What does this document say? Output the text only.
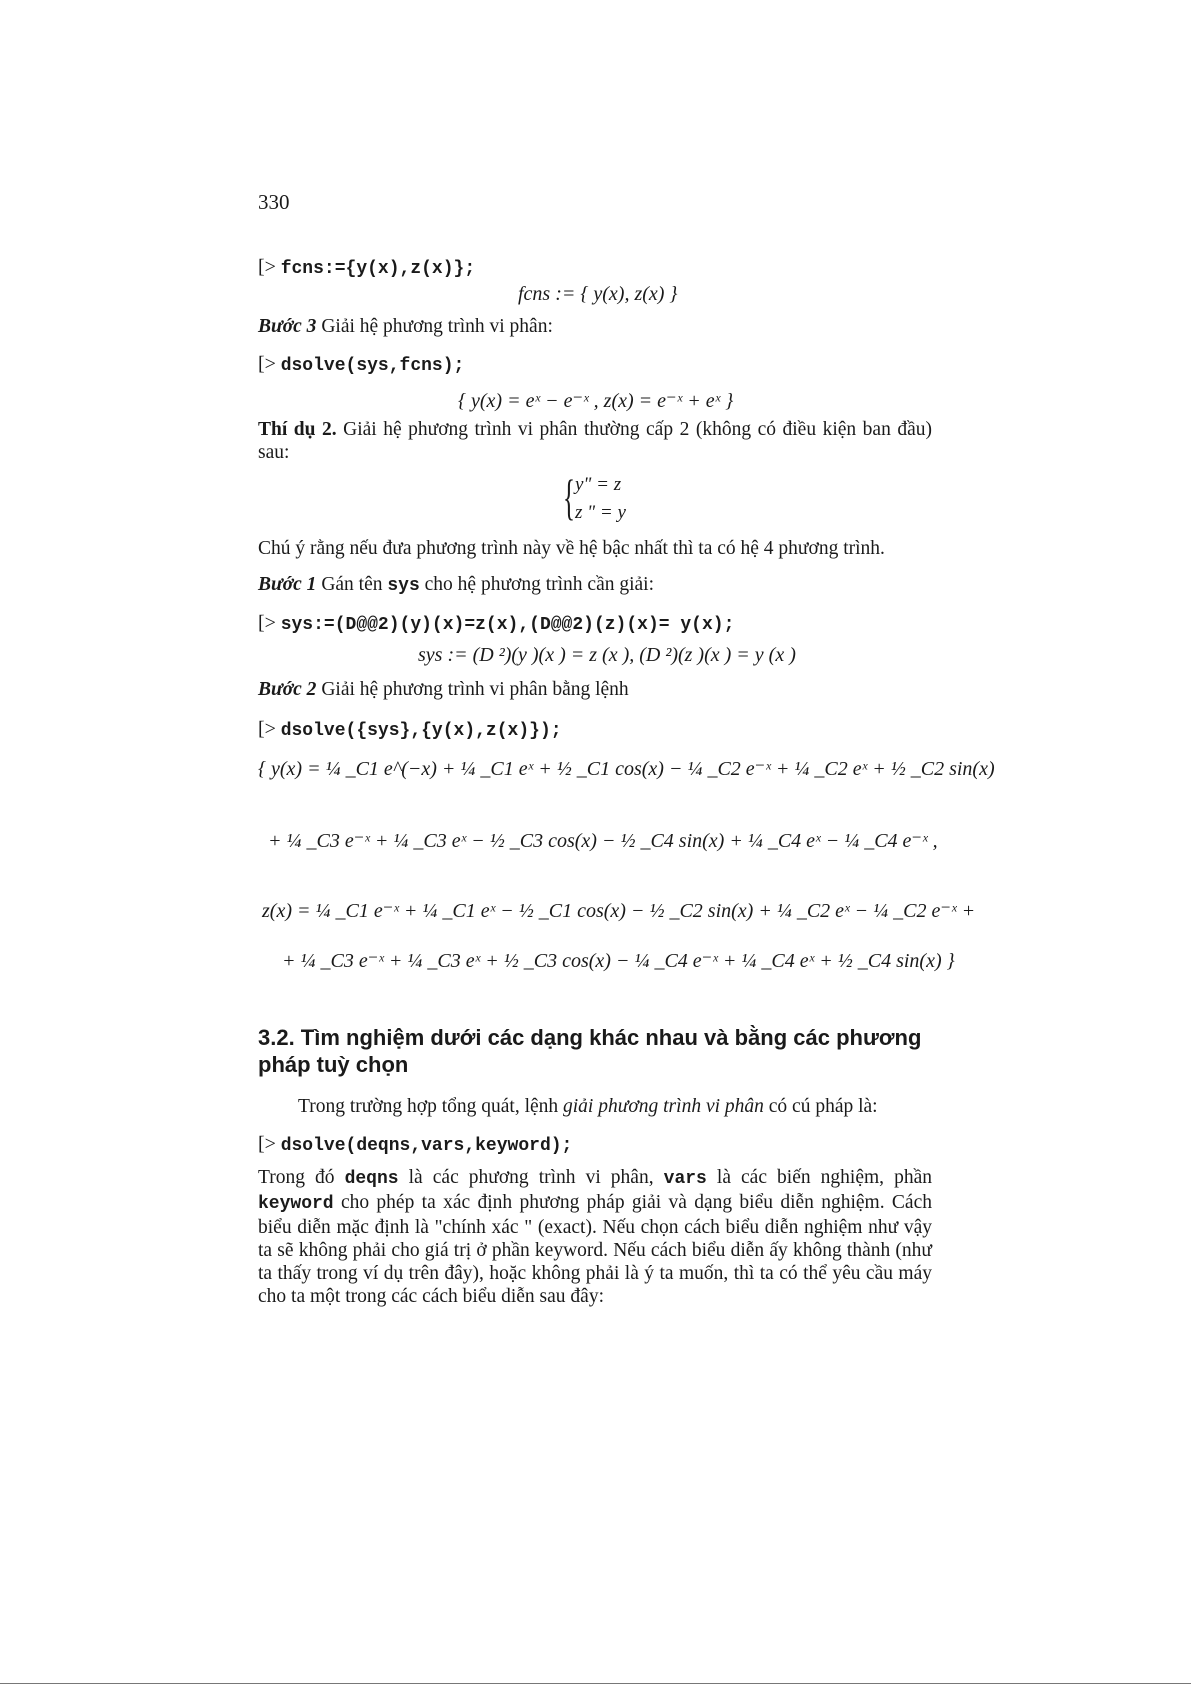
330
[> fcns:={y(x),z(x)};
fcns := { y(x), z(x) }
Bước 3 Giải hệ phương trình vi phân:
[> dsolve(sys,fcns);
{ y(x) = eˣ − e⁻ˣ , z(x) = e⁻ˣ + eˣ }
Thí dụ 2. Giải hệ phương trình vi phân thường cấp 2 (không có điều kiện ban đầu) sau:
{ y" = z
z " = y
Chú ý rằng nếu đưa phương trình này về hệ bậc nhất thì ta có hệ 4 phương trình.
Bước 1 Gán tên sys cho hệ phương trình cần giải:
[> sys:=(D@@2)(y)(x)=z(x),(D@@2)(z)(x)= y(x);
sys := (D ²)(y )(x ) = z (x ), (D ²)(z )(x ) = y (x )
Bước 2 Giải hệ phương trình vi phân bằng lệnh
[> dsolve({sys},{y(x),z(x)});
{ y(x) = ¼ _C1 e^(−x) + ¼ _C1 eˣ + ½ _C1 cos(x) − ¼ _C2 e⁻ˣ + ¼ _C2 eˣ + ½ _C2 sin(x)
+ ¼ _C3 e⁻ˣ + ¼ _C3 eˣ − ½ _C3 cos(x) − ½ _C4 sin(x) + ¼ _C4 eˣ − ¼ _C4 e⁻ˣ ,
z(x) = ¼ _C1 e⁻ˣ + ¼ _C1 eˣ − ½ _C1 cos(x) − ½ _C2 sin(x) + ¼ _C2 eˣ − ¼ _C2 e⁻ˣ +
+ ¼ _C3 e⁻ˣ + ¼ _C3 eˣ + ½ _C3 cos(x) − ¼ _C4 e⁻ˣ + ¼ _C4 eˣ + ½ _C4 sin(x) }
3.2. Tìm nghiệm dưới các dạng khác nhau và bằng các phương pháp tuỳ chọn
Trong trường hợp tổng quát, lệnh giải phương trình vi phân có cú pháp là:
[> dsolve(deqns,vars,keyword);
Trong đó deqns là các phương trình vi phân, vars là các biến nghiệm, phần keyword cho phép ta xác định phương pháp giải và dạng biểu diễn nghiệm. Cách biểu diễn mặc định là "chính xác " (exact). Nếu chọn cách biểu diễn nghiệm như vậy ta sẽ không phải cho giá trị ở phần keyword. Nếu cách biểu diễn ấy không thành (như ta thấy trong ví dụ trên đây), hoặc không phải là ý ta muốn, thì ta có thể yêu cầu máy cho ta một trong các cách biểu diễn sau đây:
